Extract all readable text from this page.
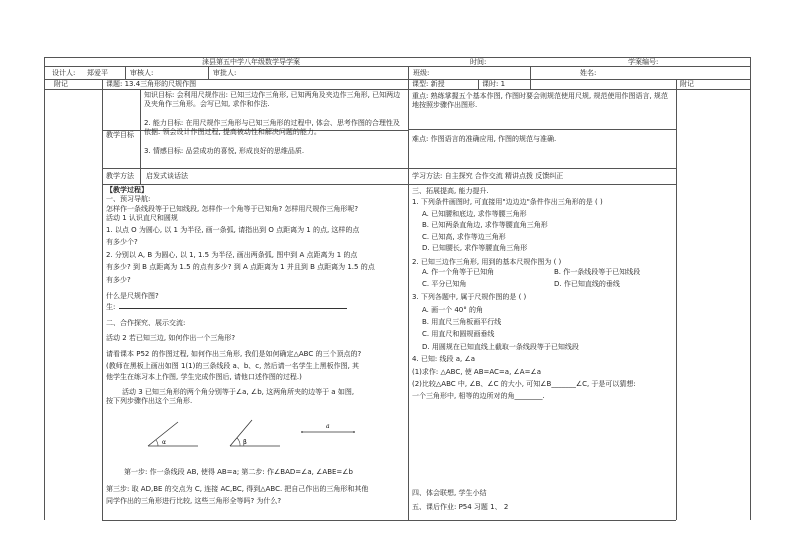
涞县第五中学八年级数学导学案	时间:	学案编号:
设计人: 郑爱平	审核人:	审批人:	班级:	姓名:
附记	课题: 13.4三角形的尺规作图	课型: 新授	课时: 1	附记
教学目标
知识目标: 会利用尺规作出: 已知三边作三角形, 已知两角及夹边作三角形, 已知两边及夹角作三角形。会写已知, 求作和作法.
2. 能力目标: 在用尺规作三角形与已知三角形的过程中, 体会、思考作图的合理性及依据. 领会设计作图过程, 提高被动性和解决问题的能力。
3. 情感目标: 品尝成功的喜悦, 形成良好的思维品质.
重点: 熟练掌握五个基本作图, 作图时要会则规范使用尺规, 规范使用作图语言, 规范地按照步骤作出图形.
难点: 作图语言的准确应用, 作图的规范与准确.
教学方法 启发式谈话法	学习方法: 自主探究 合作交流 精讲点拨 反馈纠正

【教学过程】

一、预习导航:

怎样作一条线段等于已知线段, 怎样作一个角等于已知角? 怎样用尺规作三角形呢?

活动 1 认识直尺和圆规

1. 以点 O 为圆心, 以 1 为半径, 画一条弧, 请指出到 O 点距离为 1 的点, 这样的点

有多少个?

2. 分别以 A, B 为圆心, 以 1, 1.5 为半径, 画出两条弧, 图中到 A 点距离为 1 的点

有多少? 到 B 点距离为 1.5 的点有多少? 到 A 点距离为 1 并且到 B 点距离为 1.5 的点

有多少?

什么是尺规作图?

生:

二、合作探究、展示交流:

活动 2 若已知三边, 如何作出一个三角形?

请看课本 P52 的作图过程, 如何作出三角形, 我们是如何确定△ABC 的三个顶点的?

(教师在黑板上画出如图 1(1)的三条线段 a、b、c, 然后请一名学生上黑板作图, 其

他学生在练习本上作图, 学生完成作图后, 请他口述作图的过程.)

活动 3 已知三角形的两个角分别等于∠a, ∠b, 这两角所夹的边等于 a 如图,

按下列步骤作出这个三角形.

α	β
a

第一步: 作一条线段 AB, 使得 AB=a; 第二步: 作∠BAD=∠a, ∠ABE=∠b

第三步: 取 AD,BE 的交点为 C, 连接 AC,BC, 得到△ABC. 把自己作出的三角形和其他

同学作出的三角形进行比较, 这些三角形全等吗? 为什么?

三、拓展提高, 能力提升.

1. 下列条件画图时, 可直接用"边边边"条件作出三角形的是 ( )

A. 已知腰和底边, 求作等腰三角形

B. 已知两条直角边, 求作等腰直角三角形

C. 已知高, 求作等边三角形

D. 已知腰长, 求作等腰直角三角形

2. 已知三边作三角形, 用到的基本尺规作图为 ( )

A. 作一个角等于已知角	B. 作一条线段等于已知线段
C. 平分已知角	D. 作已知直线的垂线

3. 下列各题中, 属于尺规作图的是 ( )

A. 画一个 40° 的角

B. 用直尺三角板画平行线

C. 用直尺和圆规画垂线

D. 用圆规在已知直线上截取一条线段等于已知线段

4. 已知: 线段 a, ∠a

(1)求作: △ABC, 使 AB=AC=a, ∠A=∠a

(2)比较△ABC 中, ∠B、∠C 的大小, 可知∠B_______∠C, 于是可以猜想:

一个三角形中, 相等的边所对的角________.

四、体会联想, 学生小结
五、课后作业: P54 习题 1、 2
